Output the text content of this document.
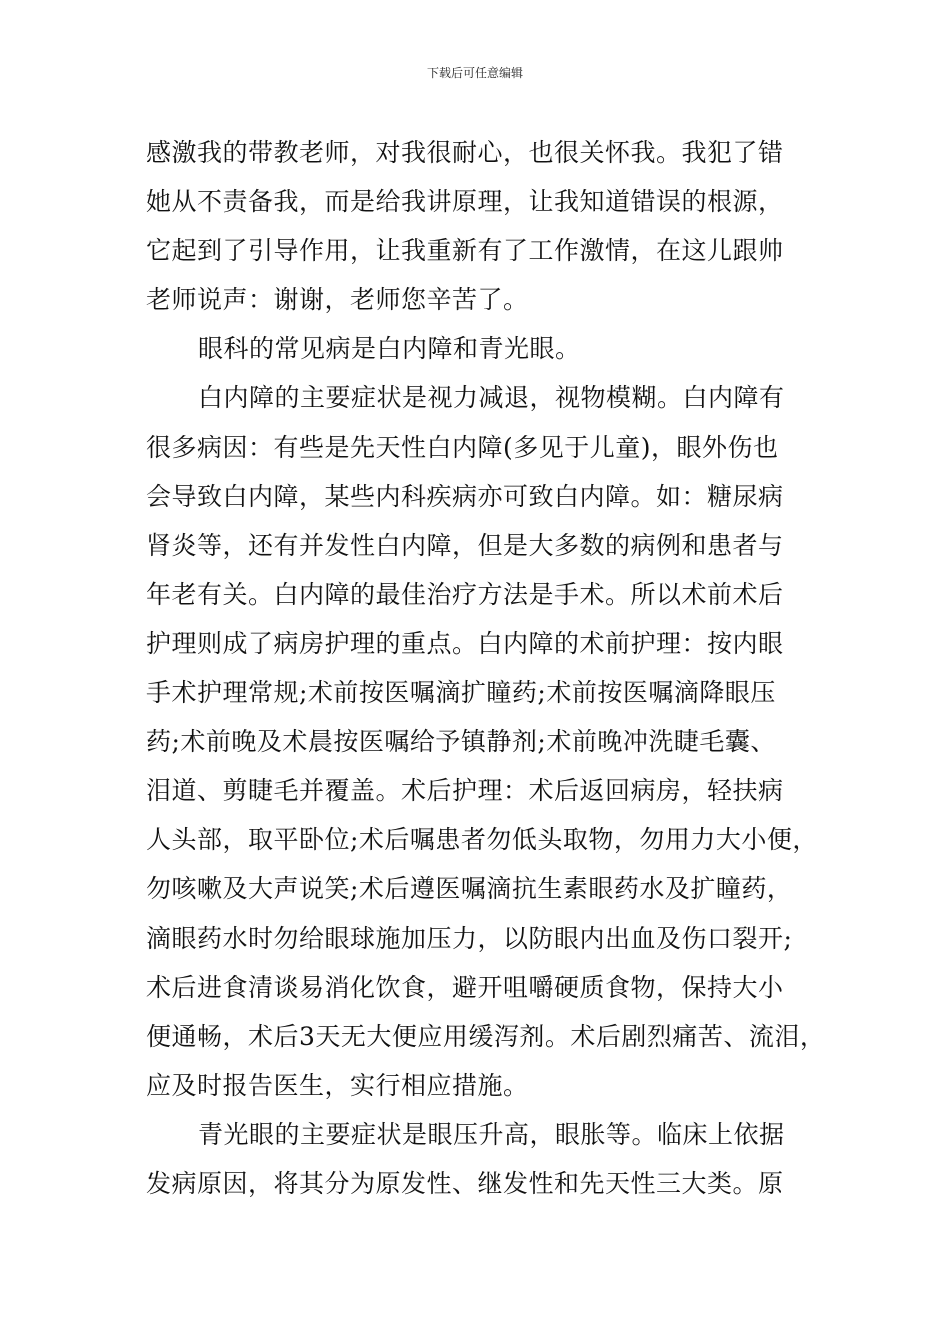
下载后可任意编辑
感激我的带教老师，对我很耐心，也很关怀我。我犯了错
她从不责备我，而是给我讲原理，让我知道错误的根源，
它起到了引导作用，让我重新有了工作激情，在这儿跟帅
老师说声：谢谢，老师您辛苦了。
眼科的常见病是白内障和青光眼。
白内障的主要症状是视力减退，视物模糊。白内障有
很多病因：有些是先天性白内障(多见于儿童)，眼外伤也
会导致白内障，某些内科疾病亦可致白内障。如：糖尿病
肾炎等，还有并发性白内障，但是大多数的病例和患者与
年老有关。白内障的最佳治疗方法是手术。所以术前术后
护理则成了病房护理的重点。白内障的术前护理：按内眼
手术护理常规;术前按医嘱滴扩瞳药;术前按医嘱滴降眼压
药;术前晚及术晨按医嘱给予镇静剂;术前晚冲洗睫毛囊、
泪道、剪睫毛并覆盖。术后护理：术后返回病房，轻扶病
人头部，取平卧位;术后嘱患者勿低头取物，勿用力大小便，
勿咳嗽及大声说笑;术后遵医嘱滴抗生素眼药水及扩瞳药，
滴眼药水时勿给眼球施加压力，以防眼内出血及伤口裂开;
术后进食清谈易消化饮食，避开咀嚼硬质食物，保持大小
便通畅，术后3天无大便应用缓泻剂。术后剧烈痛苦、流泪，
应及时报告医生，实行相应措施。
青光眼的主要症状是眼压升高，眼胀等。临床上依据
发病原因，将其分为原发性、继发性和先天性三大类。原
